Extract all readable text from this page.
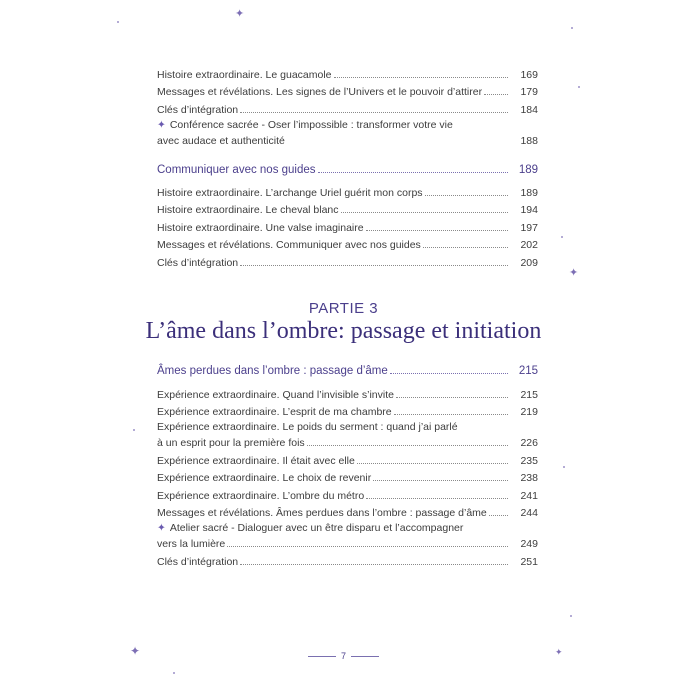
✦
✦
✦	✦
Histoire extraordinaire. Le guacamole	169
Messages et révélations. Les signes de l’Univers et le pouvoir d’attirer	179
Clés d’intégration	184
✦ Conférence sacrée - Oser l’impossible : transformer votre vie
avec audace et authenticité	188
Communiquer avec nos guides	189
Histoire extraordinaire. L’archange Uriel guérit mon corps	189
Histoire extraordinaire. Le cheval blanc	194
Histoire extraordinaire. Une valse imaginaire	197
Messages et révélations. Communiquer avec nos guides	202
Clés d’intégration	209
PARTIE 3
L’âme dans l’ombre: passage et initiation
Âmes perdues dans l’ombre : passage d’âme	215
Expérience extraordinaire. Quand l’invisible s’invite	215
Expérience extraordinaire. L’esprit de ma chambre	219
Expérience extraordinaire. Le poids du serment : quand j’ai parlé
à un esprit pour la première fois	226
Expérience extraordinaire. Il était avec elle	235
Expérience extraordinaire. Le choix de revenir	238
Expérience extraordinaire. L’ombre du métro	241
Messages et révélations. Âmes perdues dans l’ombre : passage d’âme	244
✦ Atelier sacré - Dialoguer avec un être disparu et l’accompagner
vers la lumière	249
Clés d’intégration	251
7
